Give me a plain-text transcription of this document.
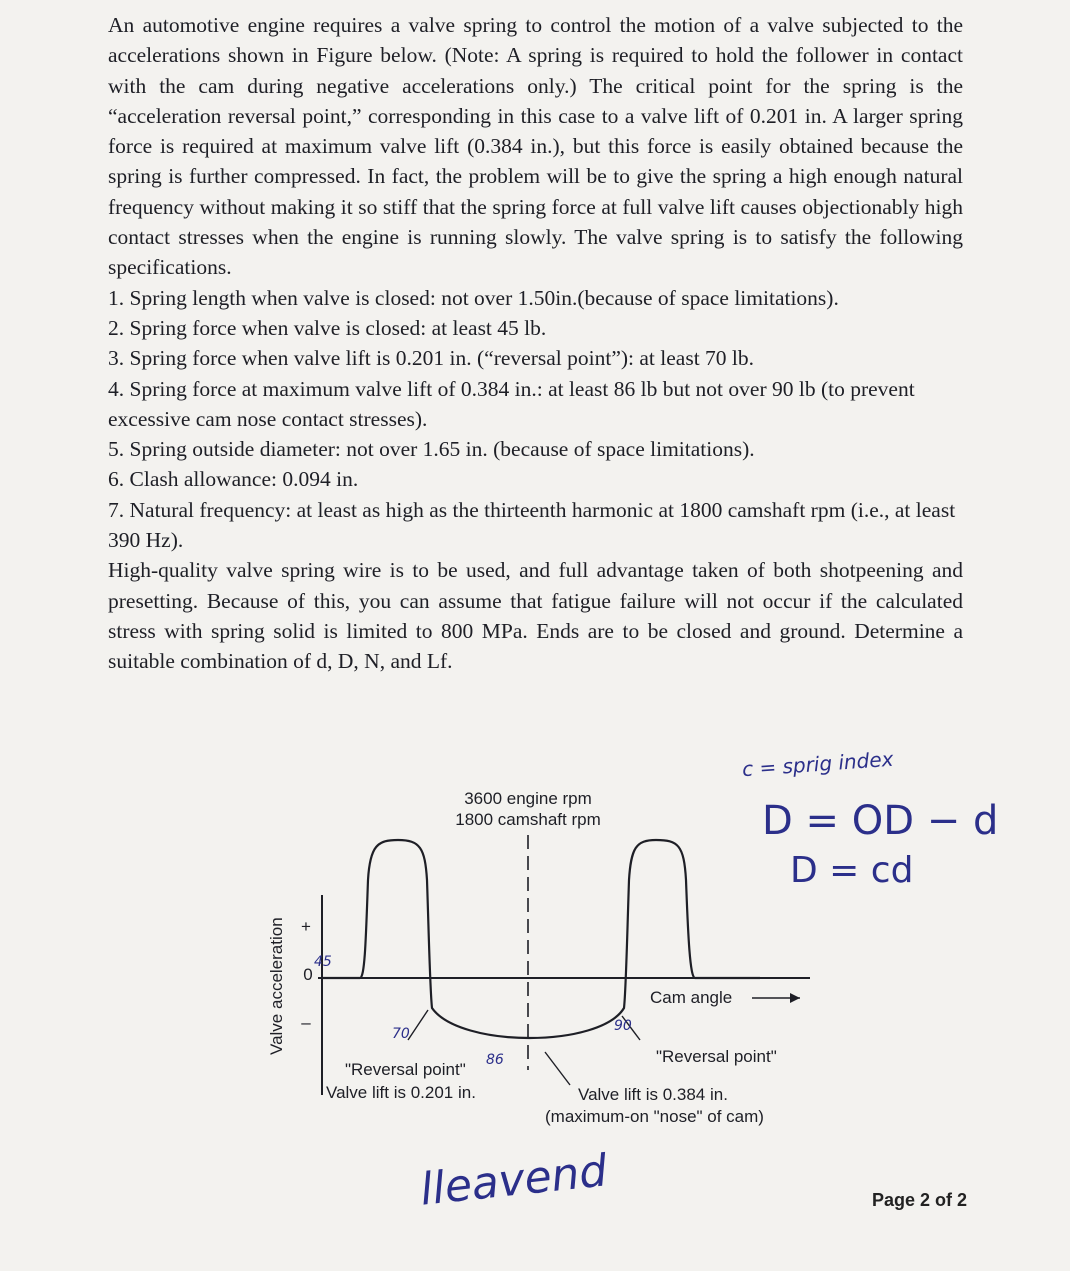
An automotive engine requires a valve spring to control the motion of a valve subjected to the accelerations shown in Figure below. (Note: A spring is required to hold the follower in contact with the cam during negative accelerations only.) The critical point for the spring is the “acceleration reversal point,” corresponding in this case to a valve lift of 0.201 in. A larger spring force is required at maximum valve lift (0.384 in.), but this force is easily obtained because the spring is further compressed. In fact, the problem will be to give the spring a high enough natural frequency without making it so stiff that the spring force at full valve lift causes objectionably high contact stresses when the engine is running slowly. The valve spring is to satisfy the following specifications.

1. Spring length when valve is closed: not over 1.50in.(because of space limitations).
2. Spring force when valve is closed: at least 45 lb.
3. Spring force when valve lift is 0.201 in. (“reversal point”): at least 70 lb.
4. Spring force at maximum valve lift of 0.384 in.: at least 86 lb but not over 90 lb (to prevent excessive cam nose contact stresses).
5. Spring outside diameter: not over 1.65 in. (because of space limitations).
6. Clash allowance: 0.094 in.
7. Natural frequency: at least as high as the thirteenth harmonic at 1800 camshaft rpm (i.e., at least 390 Hz).

High-quality valve spring wire is to be used, and full advantage taken of both shotpeening and presetting. Because of this, you can assume that fatigue failure will not occur if the calculated stress with spring solid is limited to 800 MPa. Ends are to be closed and ground. Determine a suitable combination of d, D, N, and Lf.

3600 engine rpm
1800 camshaft rpm
Valve acceleration +
0
–
Cam angle
"Reversal point"
Valve lift is 0.201 in.
"Reversal point"
Valve lift is 0.384 in.
(maximum-on "nose" of cam)
45
70
86
90
c = sprig index
D = OD − d
D = cd
lleavend	Page 2 of 2
